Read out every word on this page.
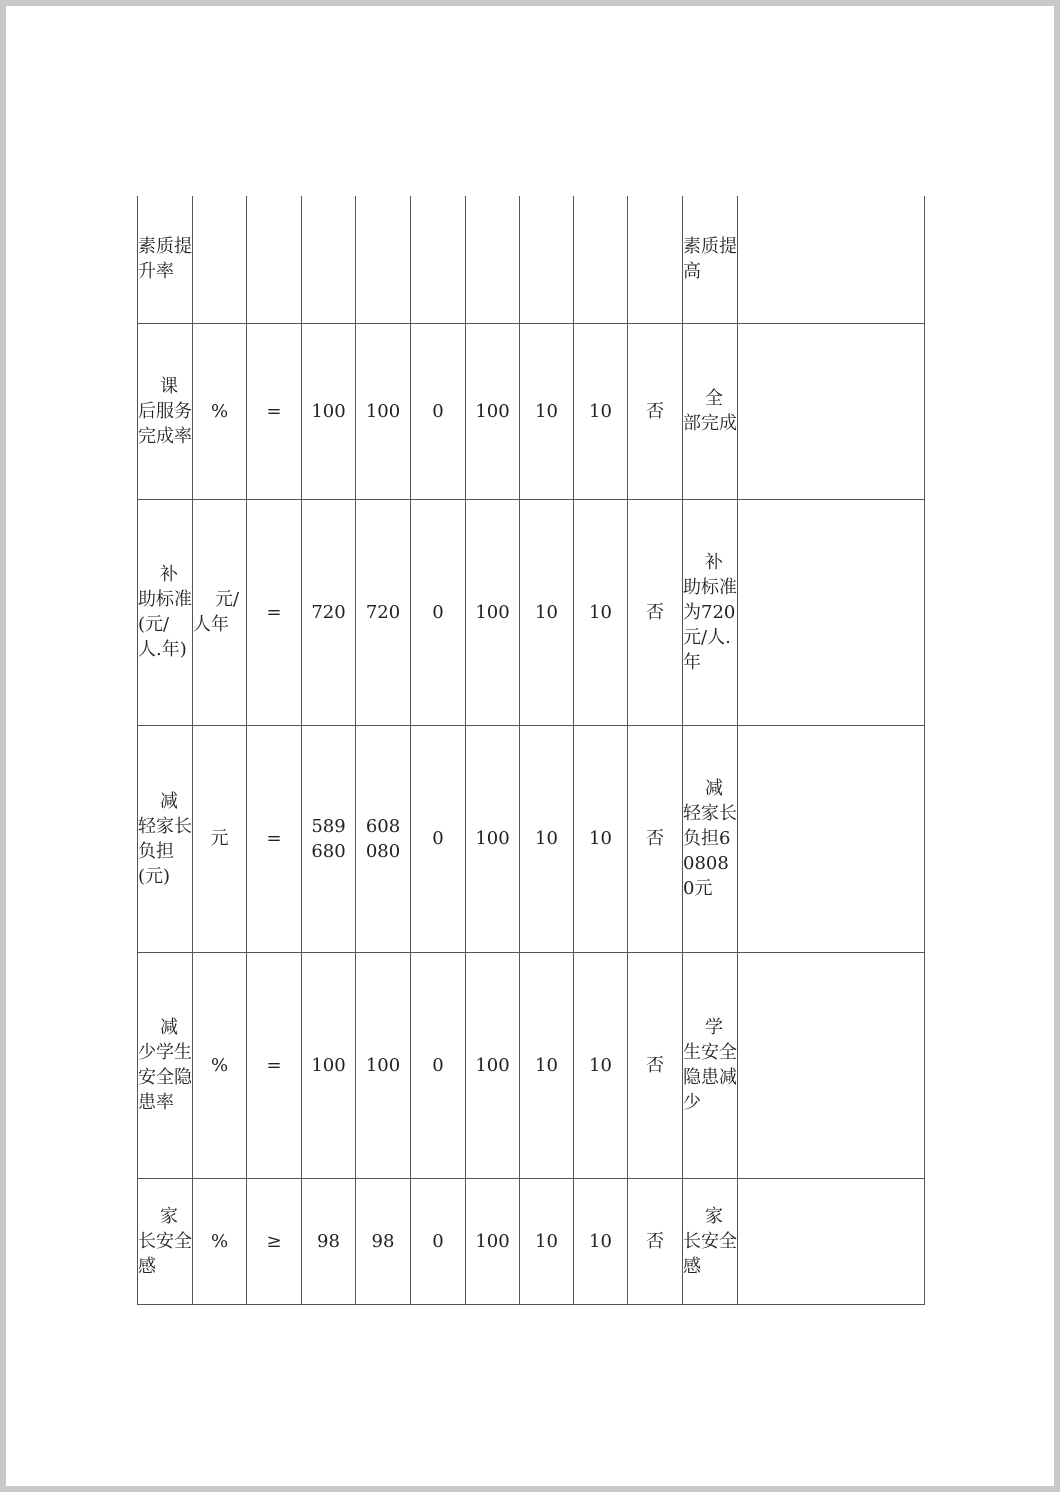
素质提升率										素质提高	
课后服务完成率	%	=	100	100	0	100	10	10	否	全部完成	
补助标准(元/人.年)	元/人年	=	720	720	0	100	10	10	否	补助标准为720元/人.年	
减轻家长负担(元)	元	=	589680	608080	0	100	10	10	否	减轻家长负担608080元	
减少学生安全隐患率	%	=	100	100	0	100	10	10	否	学生安全隐患减少	
家长安全感	%	≥	98	98	0	100	10	10	否	家长安全感	
